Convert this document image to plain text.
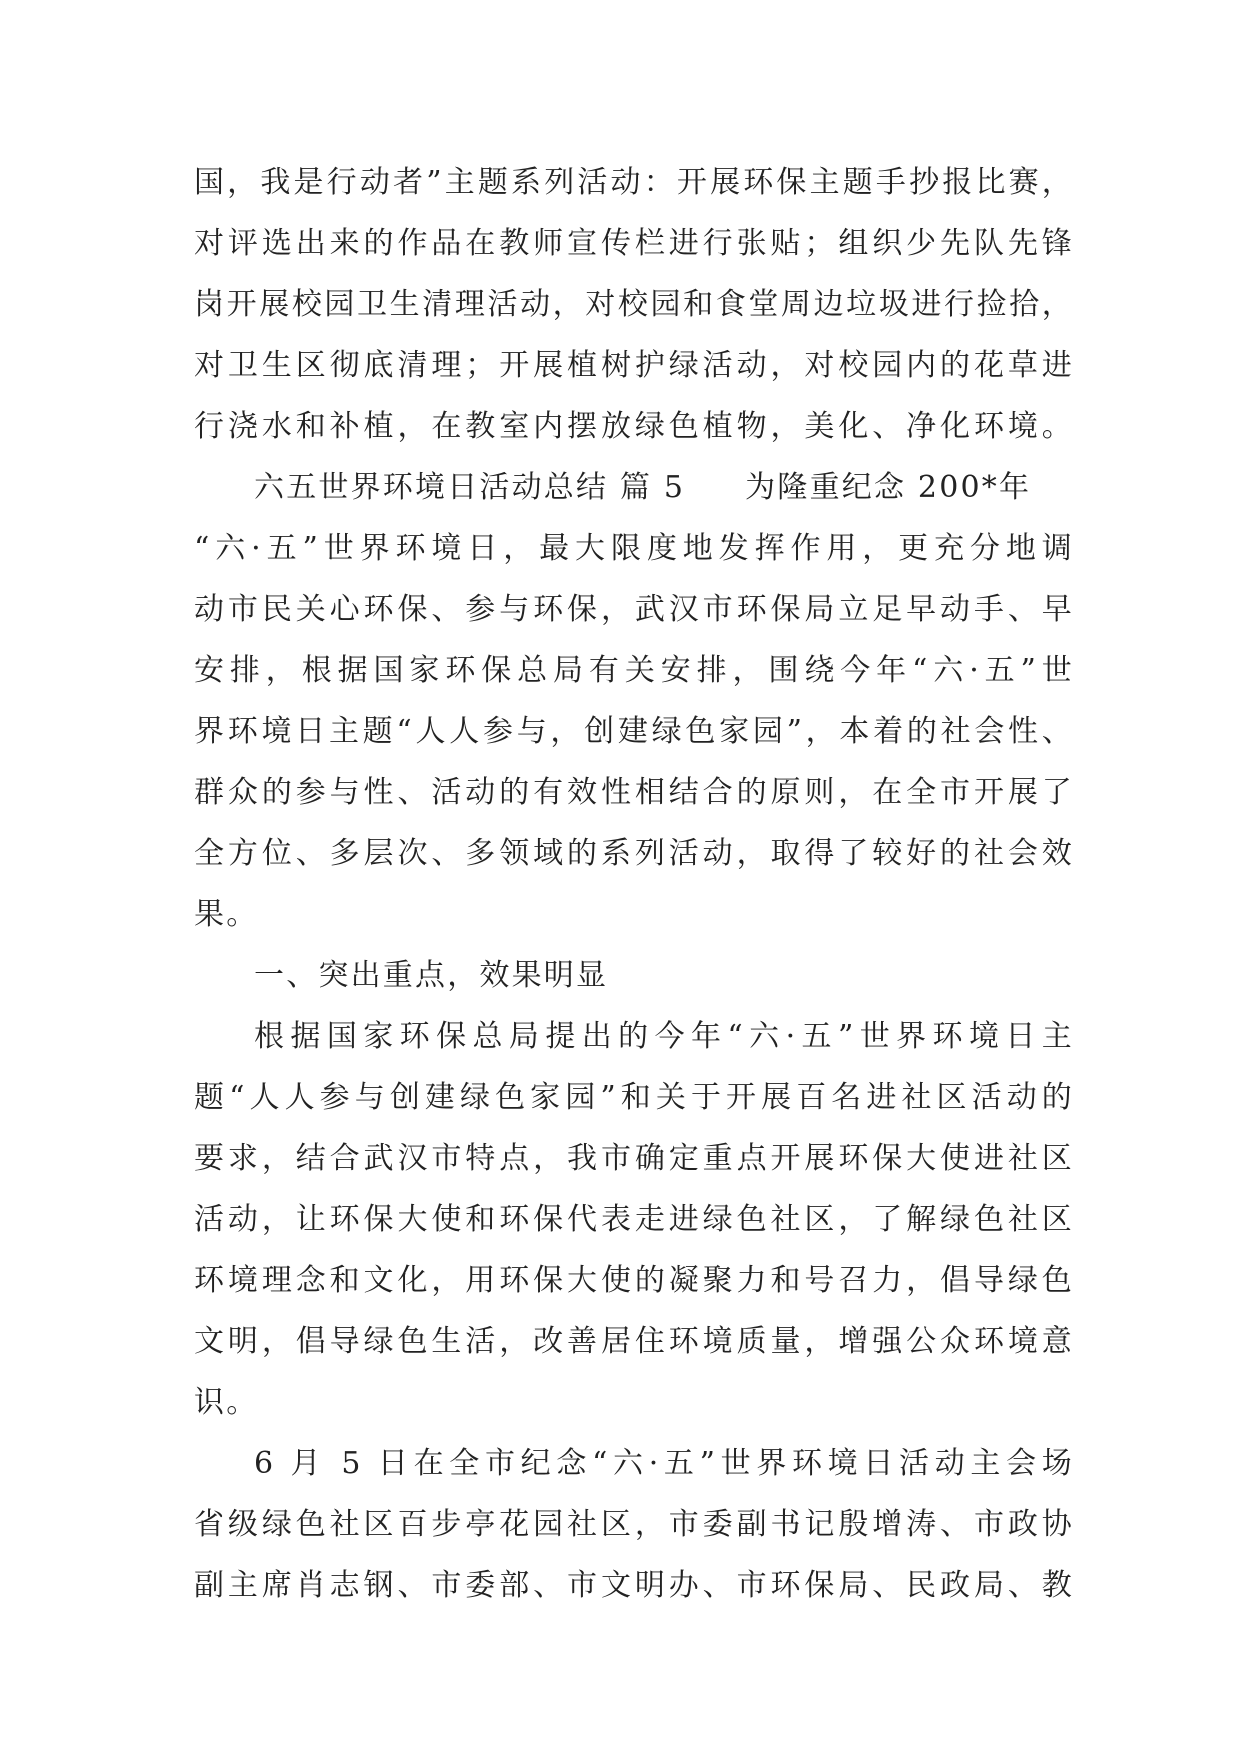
国，我是行动者”主题系列活动：开展环保主题手抄报比赛，
对评选出来的作品在教师宣传栏进行张贴；组织少先队先锋
岗开展校园卫生清理活动，对校园和食堂周边垃圾进行捡拾，
对卫生区彻底清理；开展植树护绿活动，对校园内的花草进
行浇水和补植，在教室内摆放绿色植物，美化、净化环境。
六五世界环境日活动总结 篇 5 为隆重纪念 200*年
“六·五”世界环境日，最大限度地发挥作用，更充分地调
动市民关心环保、参与环保，武汉市环保局立足早动手、早
安排，根据国家环保总局有关安排，围绕今年“六·五”世
界环境日主题“人人参与，创建绿色家园”，本着的社会性、
群众的参与性、活动的有效性相结合的原则，在全市开展了
全方位、多层次、多领域的系列活动，取得了较好的社会效
果。
一、突出重点，效果明显
根据国家环保总局提出的今年“六·五”世界环境日主
题“人人参与创建绿色家园”和关于开展百名进社区活动的
要求，结合武汉市特点，我市确定重点开展环保大使进社区
活动，让环保大使和环保代表走进绿色社区，了解绿色社区
环境理念和文化，用环保大使的凝聚力和号召力，倡导绿色
文明，倡导绿色生活，改善居住环境质量，增强公众环境意
识。
6 月 5 日在全市纪念“六·五”世界环境日活动主会场
省级绿色社区百步亭花园社区，市委副书记殷增涛、市政协
副主席肖志钢、市委部、市文明办、市环保局、民政局、教
